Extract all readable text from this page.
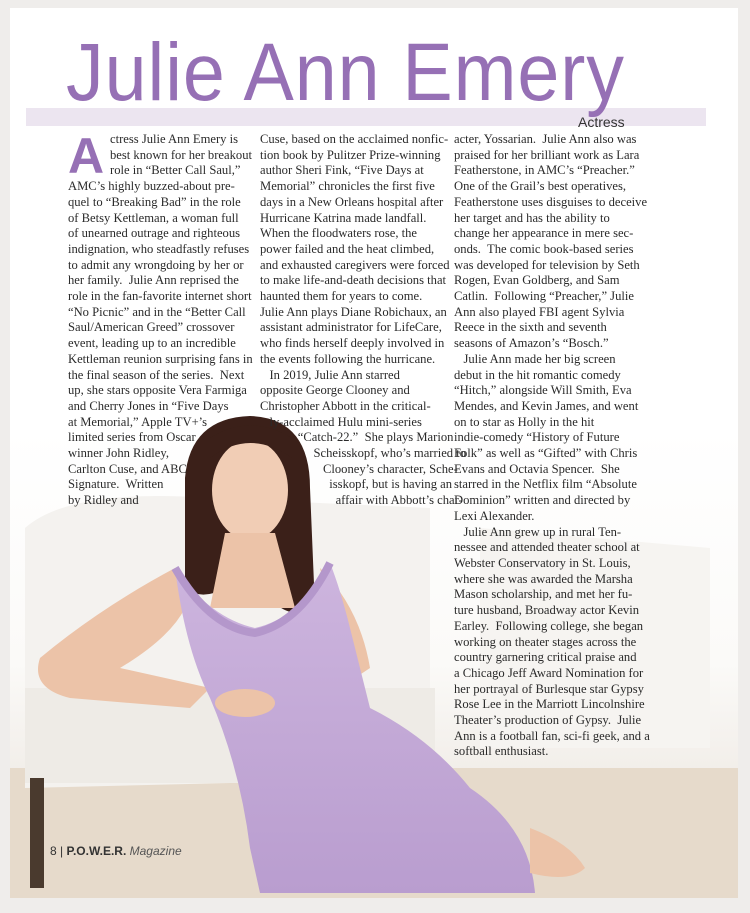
Julie Ann Emery
Actress
A ctress Julie Ann Emery is
best known for her breakout
role in “Better Call Saul,”
AMC’s highly buzzed-about pre-
quel to “Breaking Bad” in the role
of Betsy Kettleman, a woman full
of unearned outrage and righteous
indignation, who steadfastly refuses
to admit any wrongdoing by her or
her family.  Julie Ann reprised the
role in the fan-favorite internet short
“No Picnic” and in the “Better Call
Saul/American Greed” crossover
event, leading up to an incredible
Kettleman reunion surprising fans in
the final season of the series.  Next
up, she stars opposite Vera Farmiga
and Cherry Jones in “Five Days
at Memorial,” Apple TV+’s
limited series from Oscar
winner John Ridley,
Carlton Cuse, and ABC
Signature.  Written
by Ridley and
Cuse, based on the acclaimed nonfic-
tion book by Pulitzer Prize-winning
author Sheri Fink, “Five Days at
Memorial” chronicles the first five
days in a New Orleans hospital after
Hurricane Katrina made landfall.
When the floodwaters rose, the
power failed and the heat climbed,
and exhausted caregivers were forced
to make life-and-death decisions that
haunted them for years to come.
Julie Ann plays Diane Robichaux, an
assistant administrator for LifeCare,
who finds herself deeply involved in
the events following the hurricane.
In 2019, Julie Ann starred
opposite George Clooney and
Christopher Abbott in the critical-
ly-acclaimed Hulu mini-series
“Catch-22.”  She plays Marion
Scheisskopf, who’s married to
Clooney’s character, Sche-
isskopf, but is having an
affair with Abbott’s char-
acter, Yossarian.  Julie Ann also was
praised for her brilliant work as Lara
Featherstone, in AMC’s “Preacher.”
One of the Grail’s best operatives,
Featherstone uses disguises to deceive
her target and has the ability to
change her appearance in mere sec-
onds.  The comic book-based series
was developed for television by Seth
Rogen, Evan Goldberg, and Sam
Catlin.  Following “Preacher,” Julie
Ann also played FBI agent Sylvia
Reece in the sixth and seventh
seasons of Amazon’s “Bosch.”
Julie Ann made her big screen
debut in the hit romantic comedy
“Hitch,” alongside Will Smith, Eva
Mendes, and Kevin James, and went
on to star as Holly in the hit
indie-comedy “History of Future
Folk” as well as “Gifted” with Chris
Evans and Octavia Spencer.  She
starred in the Netflix film “Absolute
Dominion” written and directed by
Lexi Alexander.
Julie Ann grew up in rural Ten-
nessee and attended theater school at
Webster Conservatory in St. Louis,
where she was awarded the Marsha
Mason scholarship, and met her fu-
ture husband, Broadway actor Kevin
Earley.  Following college, she began
working on theater stages across the
country garnering critical praise and
a Chicago Jeff Award Nomination for
her portrayal of Burlesque star Gypsy
Rose Lee in the Marriott Lincolnshire
Theater’s production of Gypsy.  Julie
Ann is a football fan, sci-fi geek, and a
softball enthusiast.
8 | P.O.W.E.R. Magazine
